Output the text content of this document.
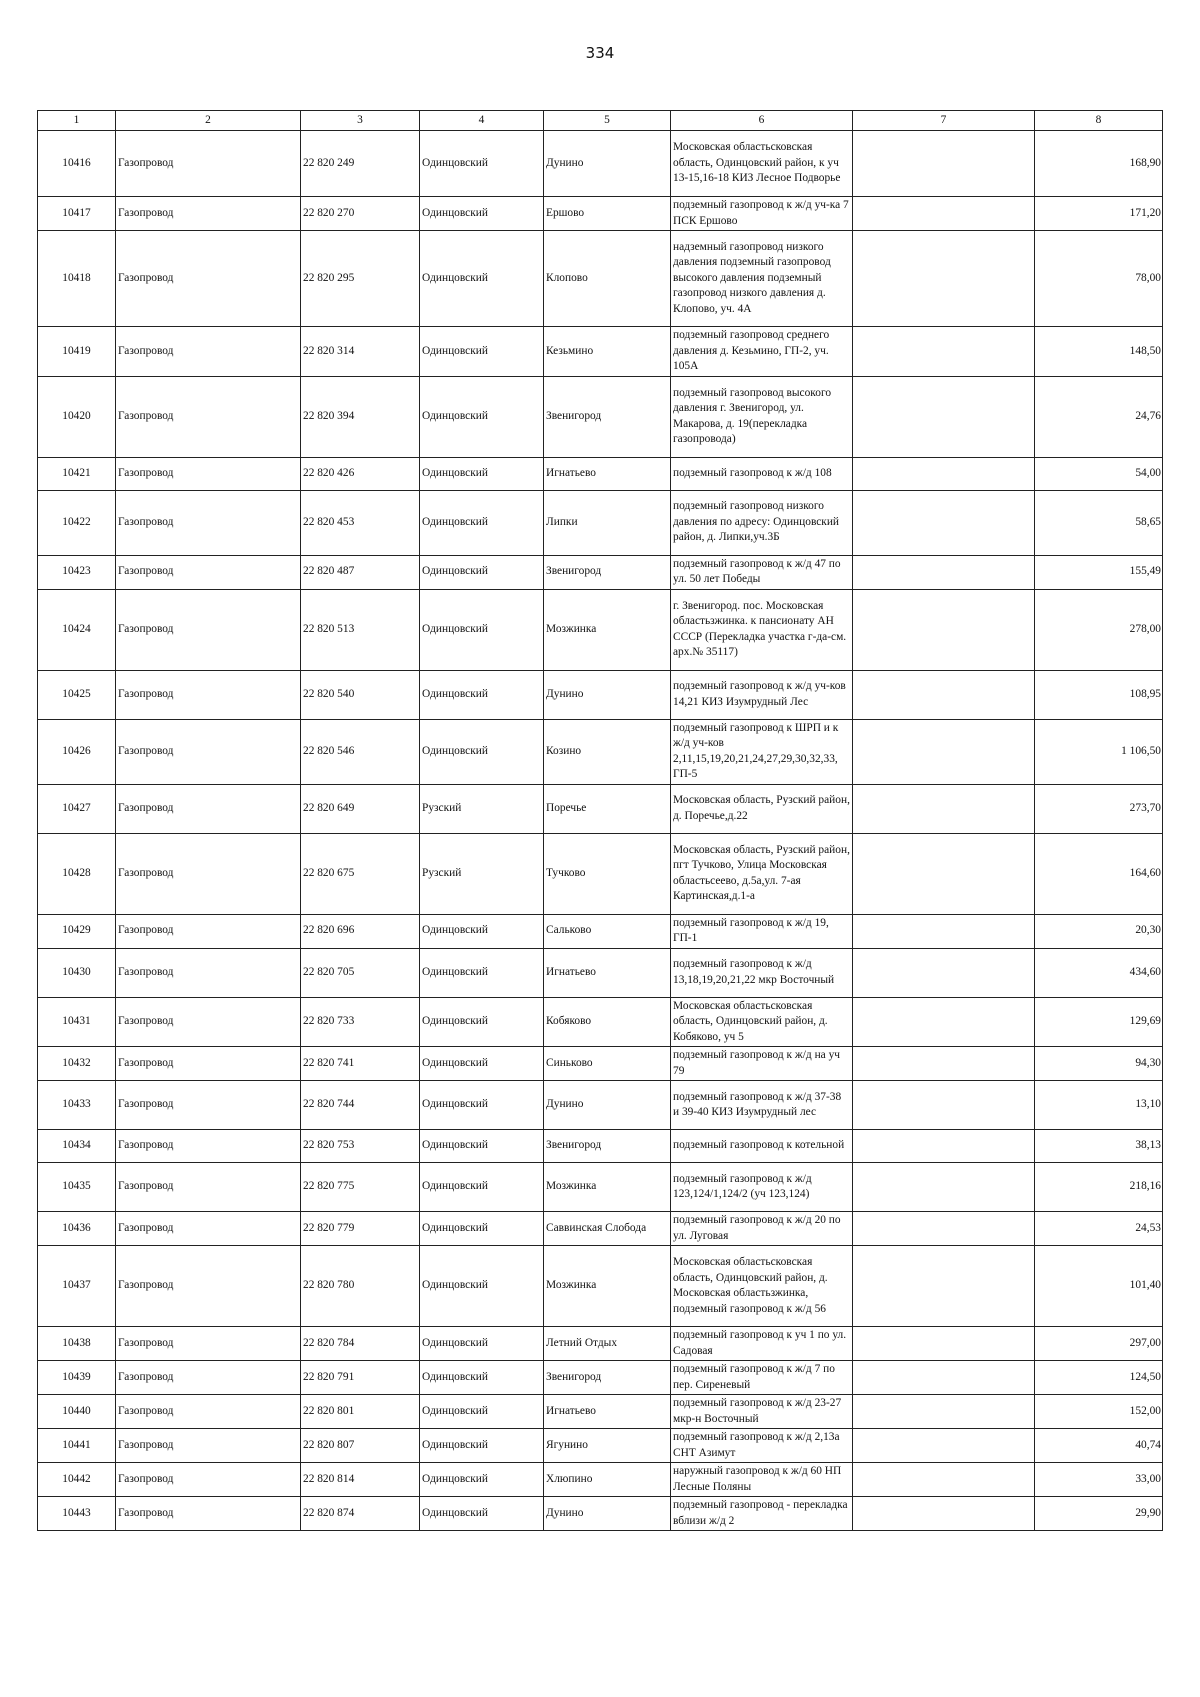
334
1	2	3	4	5	6	7	8
10416	Газопровод	22 820 249	Одинцовский	Дунино	Московская областьсковская область, Одинцовский район, к уч 13-15,16-18 КИЗ Лесное Подворье		168,90
10417	Газопровод	22 820 270	Одинцовский	Ершово	подземный газопровод к ж/д уч-ка 7 ПСК Ершово		171,20
10418	Газопровод	22 820 295	Одинцовский	Клопово	надземный газопровод низкого давления подземный газопровод высокого давления подземный газопровод низкого давления д. Клопово, уч. 4А		78,00
10419	Газопровод	22 820 314	Одинцовский	Кезьмино	подземный газопровод среднего давления д. Кезьмино, ГП-2, уч. 105А		148,50
10420	Газопровод	22 820 394	Одинцовский	Звенигород	подземный газопровод высокого давления г. Звенигород, ул. Макарова, д. 19(перекладка газопровода)		24,76
10421	Газопровод	22 820 426	Одинцовский	Игнатьево	подземный газопровод к ж/д 108		54,00
10422	Газопровод	22 820 453	Одинцовский	Липки	подземный газопровод низкого давления по адресу: Одинцовский район, д. Липки,уч.3Б		58,65
10423	Газопровод	22 820 487	Одинцовский	Звенигород	подземный газопровод к ж/д 47 по ул. 50 лет Победы		155,49
10424	Газопровод	22 820 513	Одинцовский	Мозжинка	г. Звенигород. пос. Московская областьзжинка. к пансионату АН СССР (Перекладка участка г-да-см. арх.№ 35117)		278,00
10425	Газопровод	22 820 540	Одинцовский	Дунино	подземный газопровод к ж/д уч-ков 14,21 КИЗ Изумрудный Лес		108,95
10426	Газопровод	22 820 546	Одинцовский	Козино	подземный газопровод к ШРП и к ж/д уч-ков 2,11,15,19,20,21,24,27,29,30,32,33, ГП-5		1 106,50
10427	Газопровод	22 820 649	Рузский	Поречье	Московская область, Рузский район, д. Поречье,д.22		273,70
10428	Газопровод	22 820 675	Рузский	Тучково	Московская область, Рузский район, пгт Тучково, Улица Московская областьсеево, д.5а,ул. 7-ая Картинская,д.1-а		164,60
10429	Газопровод	22 820 696	Одинцовский	Сальково	подземный газопровод к ж/д 19, ГП-1		20,30
10430	Газопровод	22 820 705	Одинцовский	Игнатьево	подземный газопровод к ж/д 13,18,19,20,21,22 мкр Восточный		434,60
10431	Газопровод	22 820 733	Одинцовский	Кобяково	Московская областьсковская область, Одинцовский район, д. Кобяково, уч 5		129,69
10432	Газопровод	22 820 741	Одинцовский	Синьково	подземный газопровод к ж/д на уч 79		94,30
10433	Газопровод	22 820 744	Одинцовский	Дунино	подземный газопровод к ж/д 37-38 и 39-40 КИЗ Изумрудный лес		13,10
10434	Газопровод	22 820 753	Одинцовский	Звенигород	подземный газопровод к котельной		38,13
10435	Газопровод	22 820 775	Одинцовский	Мозжинка	подземный газопровод к ж/д 123,124/1,124/2 (уч 123,124)		218,16
10436	Газопровод	22 820 779	Одинцовский	Саввинская Слобода	подземный газопровод к ж/д 20 по ул. Луговая		24,53
10437	Газопровод	22 820 780	Одинцовский	Мозжинка	Московская областьсковская область, Одинцовский район, д. Московская областьзжинка, подземный газопровод к ж/д 56		101,40
10438	Газопровод	22 820 784	Одинцовский	Летний Отдых	подземный газопровод к уч 1 по ул. Садовая		297,00
10439	Газопровод	22 820 791	Одинцовский	Звенигород	подземный газопровод к ж/д 7 по пер. Сиреневый		124,50
10440	Газопровод	22 820 801	Одинцовский	Игнатьево	подземный газопровод к ж/д 23-27 мкр-н Восточный		152,00
10441	Газопровод	22 820 807	Одинцовский	Ягунино	подземный газопровод к ж/д 2,13а СНТ Азимут		40,74
10442	Газопровод	22 820 814	Одинцовский	Хлюпино	наружный газопровод к ж/д 60 НП Лесные Поляны		33,00
10443	Газопровод	22 820 874	Одинцовский	Дунино	подземный газопровод - перекладка вблизи ж/д 2		29,90
